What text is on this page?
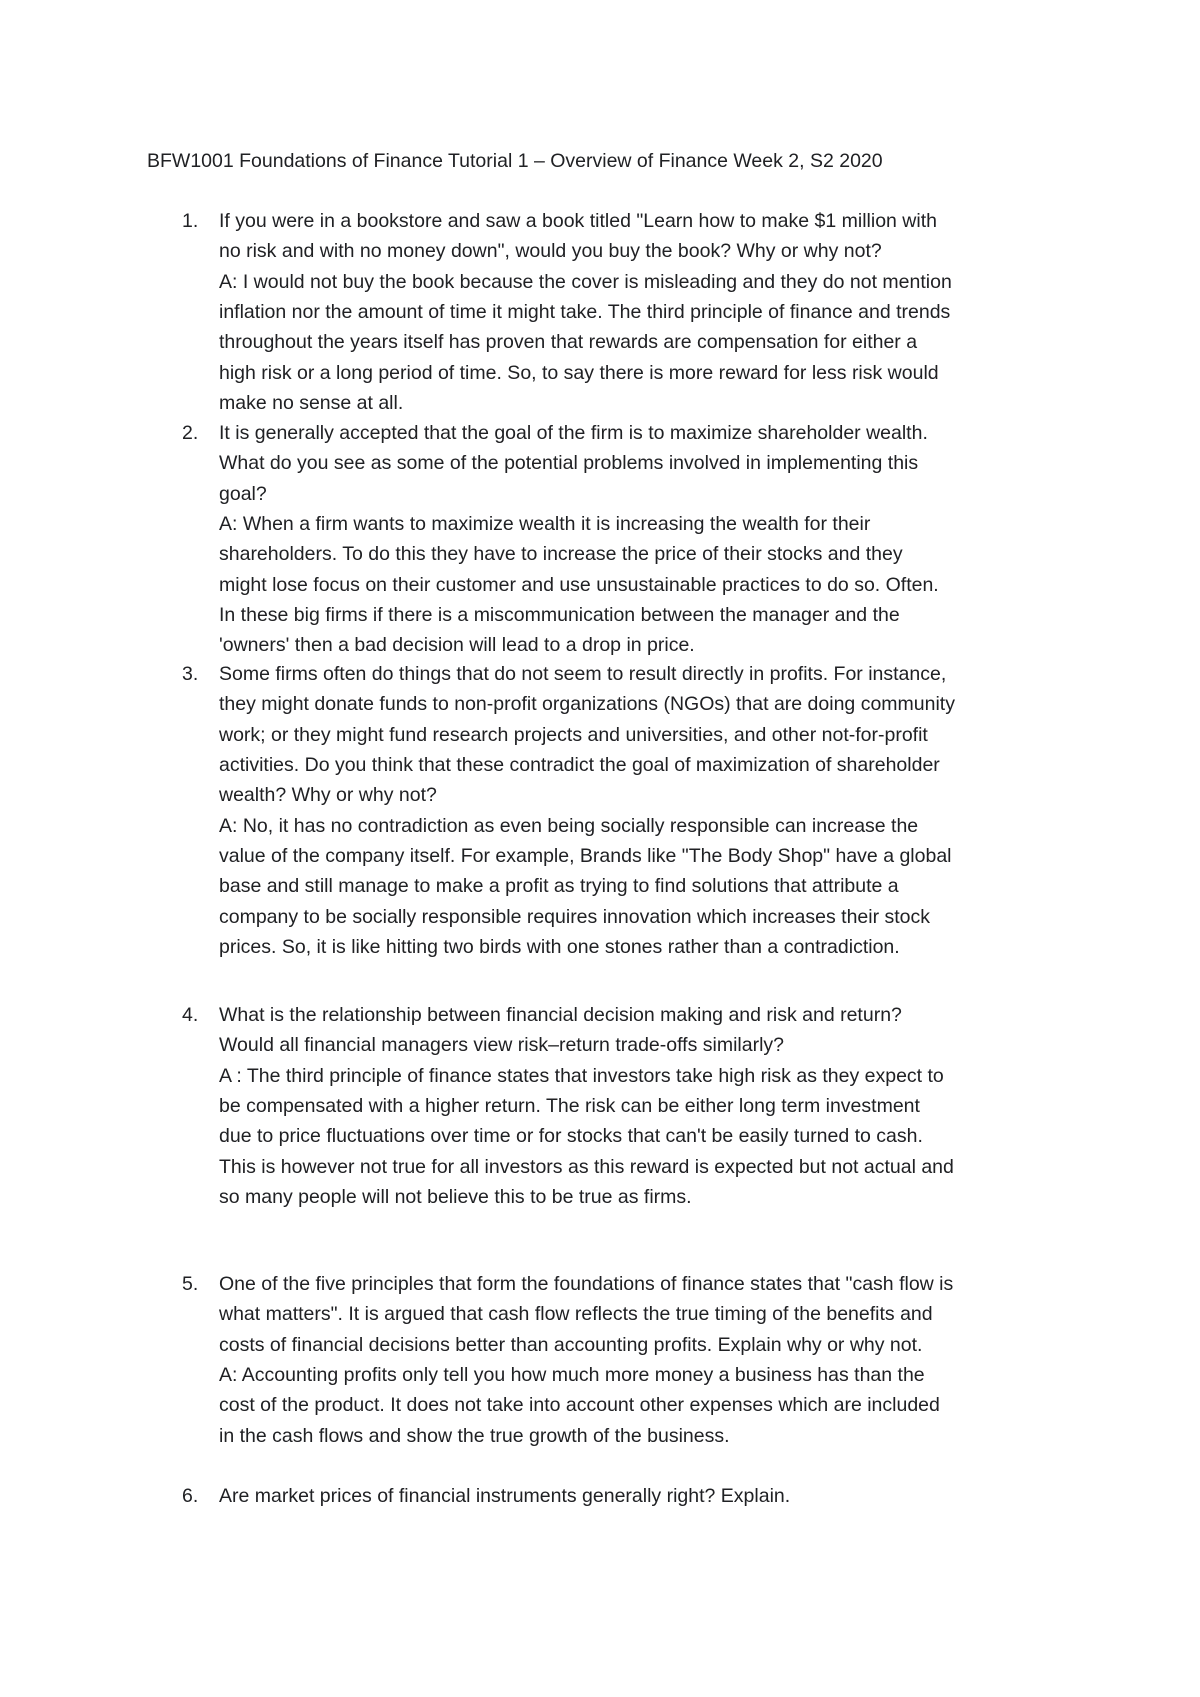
BFW1001 Foundations of Finance Tutorial 1 – Overview of Finance Week 2, S2 2020
1.	If you were in a bookstore and saw a book titled "Learn how to make $1 million with
no risk and with no money down", would you buy the book? Why or why not?
A: I would not buy the book because the cover is misleading and they do not mention
inflation nor the amount of time it might take. The third principle of finance and trends
throughout the years itself has proven that rewards are compensation for either a
high risk or a long period of time. So, to say there is more reward for less risk would
make no sense at all.
2.	It is generally accepted that the goal of the firm is to maximize shareholder wealth.
What do you see as some of the potential problems involved in implementing this
goal?
A: When a firm wants to maximize wealth it is increasing the wealth for their
shareholders. To do this they have to increase the price of their stocks and they
might lose focus on their customer and use unsustainable practices to do so. Often.
In these big firms if there is a miscommunication between the manager and the
'owners' then a bad decision will lead to a drop in price.
3.	Some firms often do things that do not seem to result directly in profits. For instance,
they might donate funds to non-profit organizations (NGOs) that are doing community
work; or they might fund research projects and universities, and other not-for-profit
activities. Do you think that these contradict the goal of maximization of shareholder
wealth? Why or why not?
A: No, it has no contradiction as even being socially responsible can increase the
value of the company itself. For example, Brands like "The Body Shop" have a global
base and still manage to make a profit as trying to find solutions that attribute a
company to be socially responsible requires innovation which increases their stock
prices. So, it is like hitting two birds with one stones rather than a contradiction.
4.	What is the relationship between financial decision making and risk and return?
Would all financial managers view risk–return trade-offs similarly?
A : The third principle of finance states that investors take high risk as they expect to
be compensated with a higher return. The risk can be either long term investment
due to price fluctuations over time or for stocks that can't be easily turned to cash.
This is however not true for all investors as this reward is expected but not actual and
so many people will not believe this to be true as firms.
5.	One of the five principles that form the foundations of finance states that "cash flow is
what matters". It is argued that cash flow reflects the true timing of the benefits and
costs of financial decisions better than accounting profits. Explain why or why not.
A: Accounting profits only tell you how much more money a business has than the
cost of the product. It does not take into account other expenses which are included
in the cash flows and show the true growth of the business.
6.	Are market prices of financial instruments generally right? Explain.
